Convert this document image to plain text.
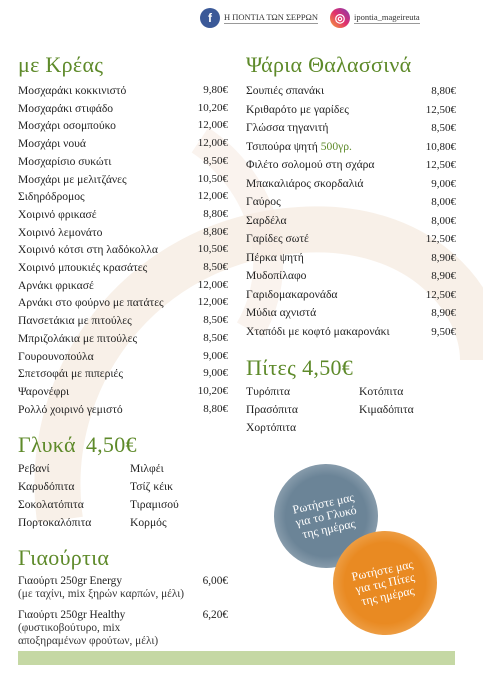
f	Η ΠΟΝΤΙΑ ΤΩΝ ΣΕΡΡΩΝ	◎	ipontia_mageireuta
με Κρέας
Μοσχαράκι κοκκινιστό	9,80€
Μοσχαράκι στιφάδο	10,20€
Μοσχάρι οσομπούκο	12,00€
Μοσχάρι νουά	12,00€
Μοσχαρίσιο συκώτι	8,50€
Μοσχάρι με μελιτζάνες	10,50€
Σιδηρόδρομος	12,00€
Χοιρινό φρικασέ	8,80€
Χοιρινό λεμονάτο	8,80€
Χοιρινό κότσι στη λαδόκολλα	10,50€
Χοιρινό μπουκιές κρασάτες	8,50€
Αρνάκι φρικασέ	12,00€
Αρνάκι στο φούρνο με πατάτες	12,00€
Πανσετάκια με πιτούλες	8,50€
Μπριζολάκια με πιτούλες	8,50€
Γουρουνοπούλα	9,00€
Σπετσοφάι με πιπεριές	9,00€
Ψαρονέφρι	10,20€
Ρολλό χοιρινό γεμιστό	8,80€
Γλυκά 4,50€
Ρεβανί	Μιλφέι
Καρυδόπιτα	Τσίζ κέικ
Σοκολατόπιτα	Τιραμισού
Πορτοκαλόπιτα	Κορμός
Γιαούρτια
Γιαούρτι 250gr Energy	6,00€
(με ταχίνι, mix ξηρών καρπών, μέλι)
Γιαούρτι 250gr Healthy	6,20€
(φυστικοβούτυρο, mix αποξηραμένων φρούτων, μέλι)
Ψάρια Θαλασσινά
Σουπιές σπανάκι	8,80€
Κριθαρότο με γαρίδες	12,50€
Γλώσσα τηγανιτή	8,50€
Τσιπούρα ψητή 500γρ.	10,80€
Φιλέτο σολομού στη σχάρα	12,50€
Μπακαλιάρος σκορδαλιά	9,00€
Γαύρος	8,00€
Σαρδέλα	8,00€
Γαρίδες σωτέ	12,50€
Πέρκα ψητή	8,90€
Μυδοπίλαφο	8,90€
Γαριδομακαρονάδα	12,50€
Μύδια αχνιστά	8,90€
Χταπόδι με κοφτό μακαρονάκι	9,50€
Πίτες 4,50€
Τυρόπιτα	Κοτόπιτα
Πρασόπιτα	Κιμαδόπιτα
Χορτόπιτα
Ρωτήστε μας για το Γλυκό της ημέρας
Ρωτήστε μας για τις Πίτες της ημέρας
